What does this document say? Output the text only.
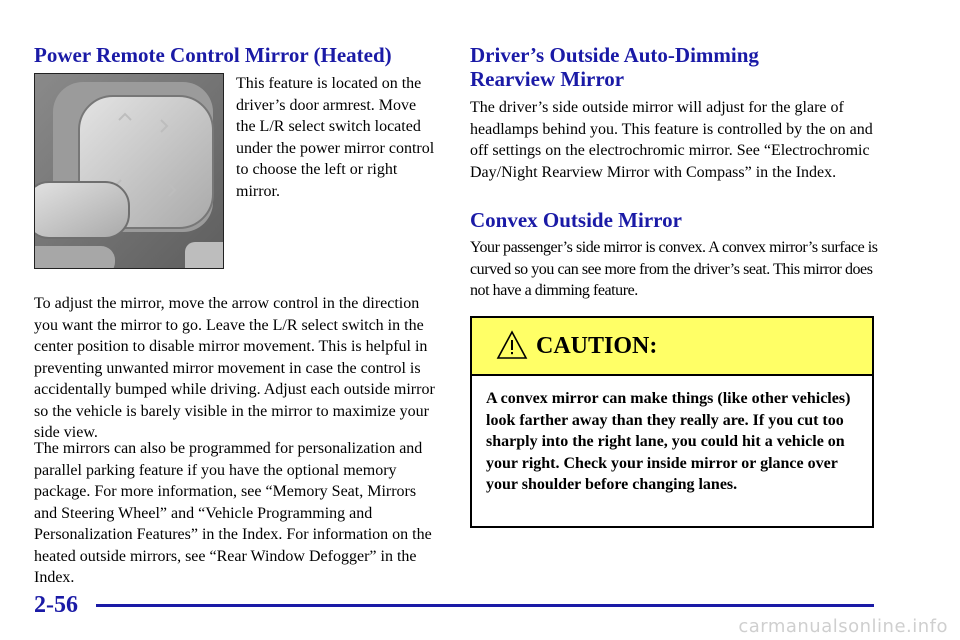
Power Remote Control Mirror (Heated)

This feature is located on the driver’s door armrest. Move the L/R select switch located under the power mirror control to choose the left or right mirror.

To adjust the mirror, move the arrow control in the direction you want the mirror to go. Leave the L/R select switch in the center position to disable mirror movement. This is helpful in preventing unwanted mirror movement in case the control is accidentally bumped while driving. Adjust each outside mirror so the vehicle is barely visible in the mirror to maximize your side view.

The mirrors can also be programmed for personalization and parallel parking feature if you have the optional memory package. For more information, see “Memory Seat, Mirrors and Steering Wheel” and “Vehicle Programming and Personalization Features” in the Index. For information on the heated outside mirrors, see “Rear Window Defogger” in the Index.

Driver’s Outside Auto-Dimming
Rearview Mirror

The driver’s side outside mirror will adjust for the glare of headlamps behind you. This feature is controlled by the on and off settings on the electrochromic mirror. See “Electrochromic Day/Night Rearview Mirror with Compass” in the Index.

Convex Outside Mirror

Your passenger’s side mirror is convex. A convex mirror’s surface is curved so you can see more from the driver’s seat. This mirror does not have a dimming feature.

CAUTION:

A convex mirror can make things (like other vehicles) look farther away than they really are. If you cut too sharply into the right lane, you could hit a vehicle on your right. Check your inside mirror or glance over your shoulder before changing lanes.

2-56
carmanualsonline.info
